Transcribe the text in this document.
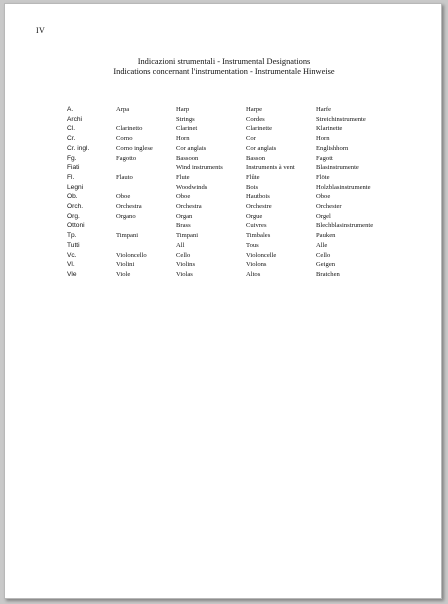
IV
Indicazioni strumentali - Instrumental Designations
Indications concernant l'instrumentation - Instrumentale Hinweise
A.	Arpa	Harp	Harpe	Harfe
Archi		Strings	Cordes	Streichinstrumente
Cl.	Clarinetto	Clarinet	Clarinette	Klarinette
Cr.	Corno	Horn	Cor	Horn
Cr. ingl.	Corno inglese	Cor anglais	Cor anglais	Englishhorn
Fg.	Fagotto	Bassoon	Basson	Fagott
Fiati		Wind instruments	Instruments à vent	Blasinstrumente
Fl.	Flauto	Flute	Flûte	Flöte
Legni		Woodwinds	Bois	Holzblasinstrumente
Ob.	Oboe	Oboe	Hautbois	Oboe
Orch.	Orchestra	Orchestra	Orchestre	Orchester
Org.	Organo	Organ	Orgue	Orgel
Ottoni		Brass	Cuivres	Blechblasinstrumente
Tp.	Timpani	Timpani	Timbales	Pauken
Tutti		All	Tous	Alle
Vc.	Violoncello	Cello	Violoncelle	Cello
Vl.	Violini	Violins	Violons	Geigen
Vle	Viole	Violas	Altos	Bratchen
